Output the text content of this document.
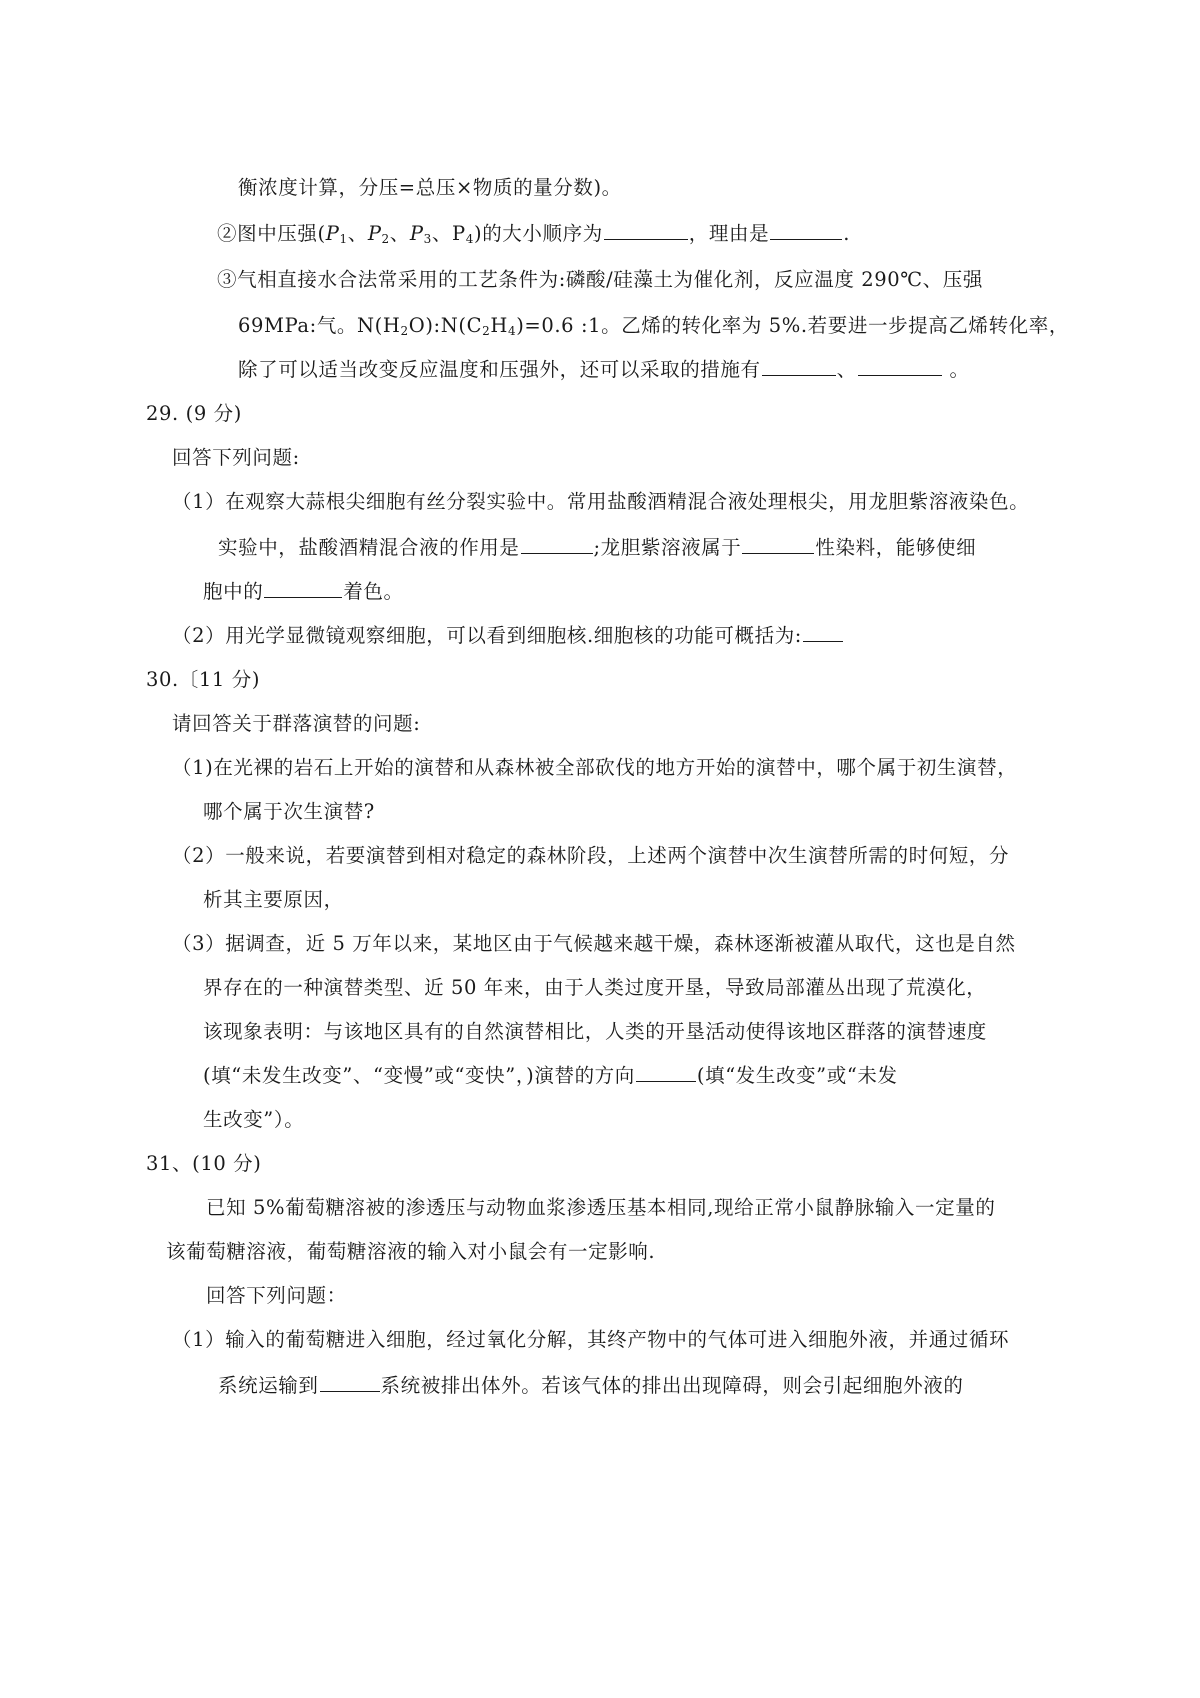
衡浓度计算，分压=总压×物质的量分数)。
②图中压强($P_1$、$P_2$、$P_3$、$P_4$)的大小顺序为	，理由是	.
③气相直接水合法常采用的工艺条件为:磷酸/硅藻土为催化剂，反应温度 290℃、压强
69MPa:气。$N(H_2O):N(C_2H_4)=0.6$ :1。乙烯的转化率为 5%.若要进一步提高乙烯转化率，
除了可以适当改变反应温度和压强外，还可以采取的措施有	、	。
29. (9 分)
回答下列问题:
（1）在观察大蒜根尖细胞有丝分裂实验中。常用盐酸酒精混合液处理根尖，用龙胆紫溶液染色。
实验中，盐酸酒精混合液的作用是	;龙胆紫溶液属于	性染料，能够使细
胞中的	着色。
（2）用光学显微镜观察细胞，可以看到细胞核.细胞核的功能可概括为:
30.〔11 分)
请回答关于群落演替的问题:
（1)在光裸的岩石上开始的演替和从森林被全部砍伐的地方开始的演替中，哪个属于初生演替，
哪个属于次生演替?
（2）一般来说，若要演替到相对稳定的森林阶段，上述两个演替中次生演替所需的时何短，分
析其主要原因，
（3）据调查，近 5 万年以来，某地区由于气候越来越干燥，森林逐渐被灌从取代，这也是自然
界存在的一种演替类型、近 50 年来，由于人类过度开垦，导致局部灌丛出现了荒漠化，
该现象表明：与该地区具有的自然演替相比，人类的开垦活动使得该地区群落的演替速度
(填“未发生改变”、“变慢”或“变快”，)演替的方向	(填“发生改变”或“未发
生改变”）。
31、(10 分)
已知 5%葡萄糖溶被的渗透压与动物血浆渗透压基本相同,现给正常小鼠静脉输入一定量的
该葡萄糖溶液，葡萄糖溶液的输入对小鼠会有一定影响.
回答下列问题：
（1）输入的葡萄糖进入细胞，经过氧化分解，其终产物中的气体可进入细胞外液，并通过循环
系统运输到	系统被排出体外。若该气体的排出出现障碍，则会引起细胞外液的
